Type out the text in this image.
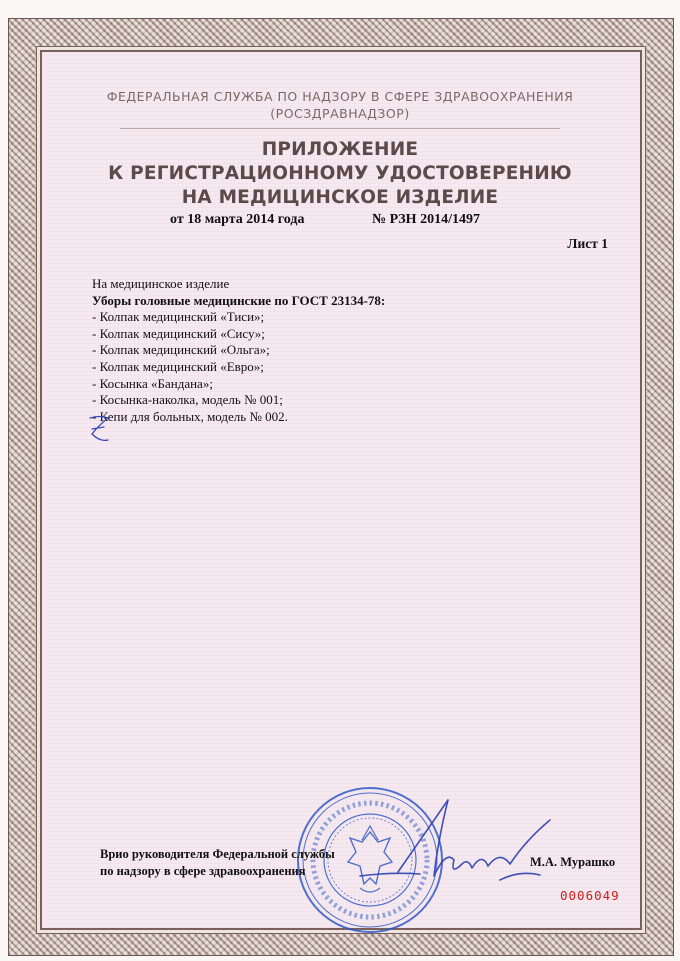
ФЕДЕРАЛЬНАЯ СЛУЖБА ПО НАДЗОРУ В СФЕРЕ ЗДРАВООХРАНЕНИЯ
(РОСЗДРАВНАДЗОР)
ПРИЛОЖЕНИЕ
К РЕГИСТРАЦИОННОМУ УДОСТОВЕРЕНИЮ
НА МЕДИЦИНСКОЕ ИЗДЕЛИЕ
от 18 марта 2014 года	№ РЗН 2014/1497
Лист 1
На медицинское изделие
Уборы головные медицинские по ГОСТ 23134-78:
- Колпак медицинский «Тиси»;
- Колпак медицинский «Сису»;
- Колпак медицинский «Ольга»;
- Колпак медицинский «Евро»;
- Косынка «Бандана»;
- Косынка-наколка, модель № 001;
- Кепи для больных, модель № 002.
Врио руководителя Федеральной службы
по надзору в сфере здравоохранения
М.А. Мурашко
0006049
